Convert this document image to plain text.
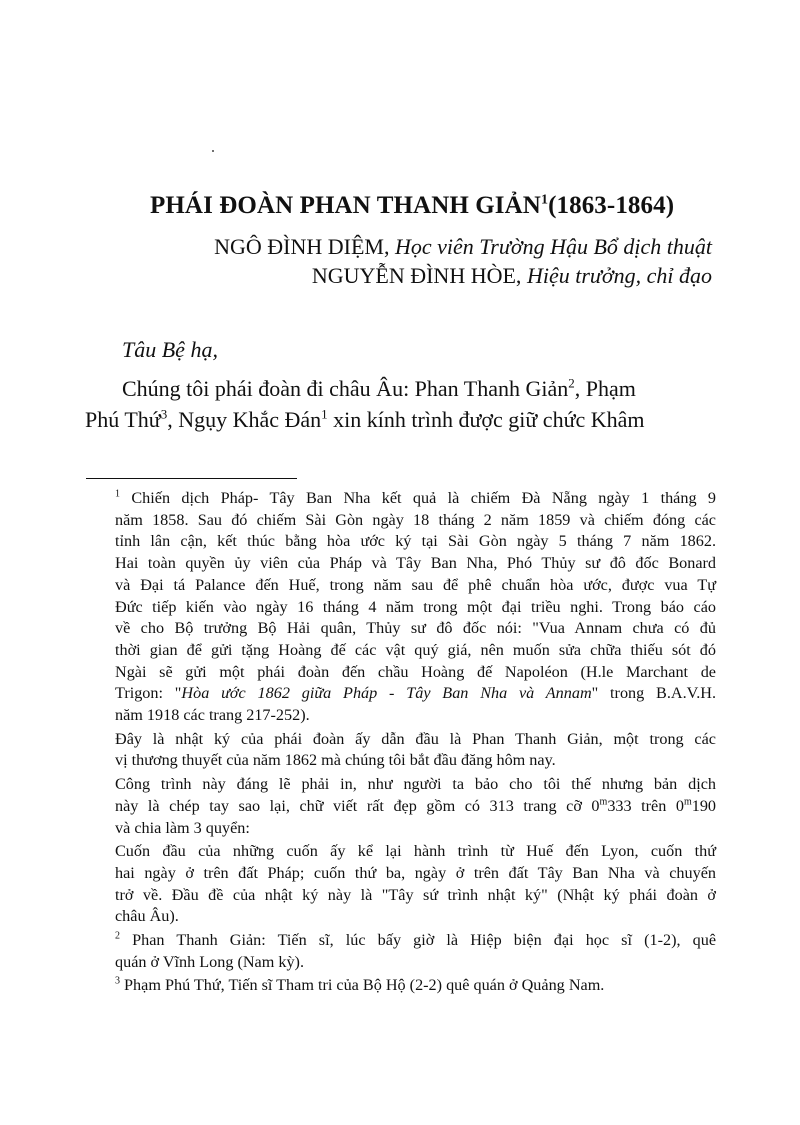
PHÁI ĐOÀN PHAN THANH GIẢN$^1$(1863-1864)
NGÔ ĐÌNH DIỆM, Học viên Trường Hậu Bổ dịch thuật
NGUYỄN ĐÌNH HÒE, Hiệu trưởng, chỉ đạo
Tâu Bệ hạ,
Chúng tôi phái đoàn đi châu Âu: Phan Thanh Giản$^2$, Phạm
Phú Thứ$^3$, Ngụy Khắc Đán$^1$ xin kính trình được giữ chức Khâm
$^1$ Chiến dịch Pháp- Tây Ban Nha kết quả là chiếm Đà Nẵng ngày 1 tháng 9
năm 1858. Sau đó chiếm Sài Gòn ngày 18 tháng 2 năm 1859 và chiếm đóng các
tỉnh lân cận, kết thúc bằng hòa ước ký tại Sài Gòn ngày 5 tháng 7 năm 1862.
Hai toàn quyền ủy viên của Pháp và Tây Ban Nha, Phó Thủy sư đô đốc Bonard
và Đại tá Palance đến Huế, trong năm sau để phê chuẩn hòa ước, được vua Tự
Đức tiếp kiến vào ngày 16 tháng 4 năm trong một đại triều nghi. Trong báo cáo
về cho Bộ trưởng Bộ Hải quân, Thủy sư đô đốc nói: "Vua Annam chưa có đủ
thời gian để gửi tặng Hoàng đế các vật quý giá, nên muốn sửa chữa thiếu sót đó
Ngài sẽ gửi một phái đoàn đến chầu Hoàng đế Napoléon (H.le Marchant de
Trigon: "Hòa ước 1862 giữa Pháp - Tây Ban Nha và Annam" trong B.A.V.H.
năm 1918 các trang 217-252).
Đây là nhật ký của phái đoàn ấy dẫn đầu là Phan Thanh Giản, một trong các
vị thương thuyết của năm 1862 mà chúng tôi bắt đầu đăng hôm nay.
Công trình này đáng lẽ phải in, như người ta bảo cho tôi thế nhưng bản dịch
này là chép tay sao lại, chữ viết rất đẹp gồm có 313 trang cỡ 0$^m$333 trên 0$^m$190
và chia làm 3 quyển:
Cuốn đầu của những cuốn ấy kể lại hành trình từ Huế đến Lyon, cuốn thứ
hai ngày ở trên đất Pháp; cuốn thứ ba, ngày ở trên đất Tây Ban Nha và chuyến
trở về. Đầu đề của nhật ký này là "Tây sứ trình nhật ký" (Nhật ký phái đoàn ở
châu Âu).
$^2$ Phan Thanh Giản: Tiến sĩ, lúc bấy giờ là Hiệp biện đại học sĩ (1-2), quê
quán ở Vĩnh Long (Nam kỳ).
$^3$ Phạm Phú Thứ, Tiến sĩ Tham tri của Bộ Hộ (2-2) quê quán ở Quảng Nam.
